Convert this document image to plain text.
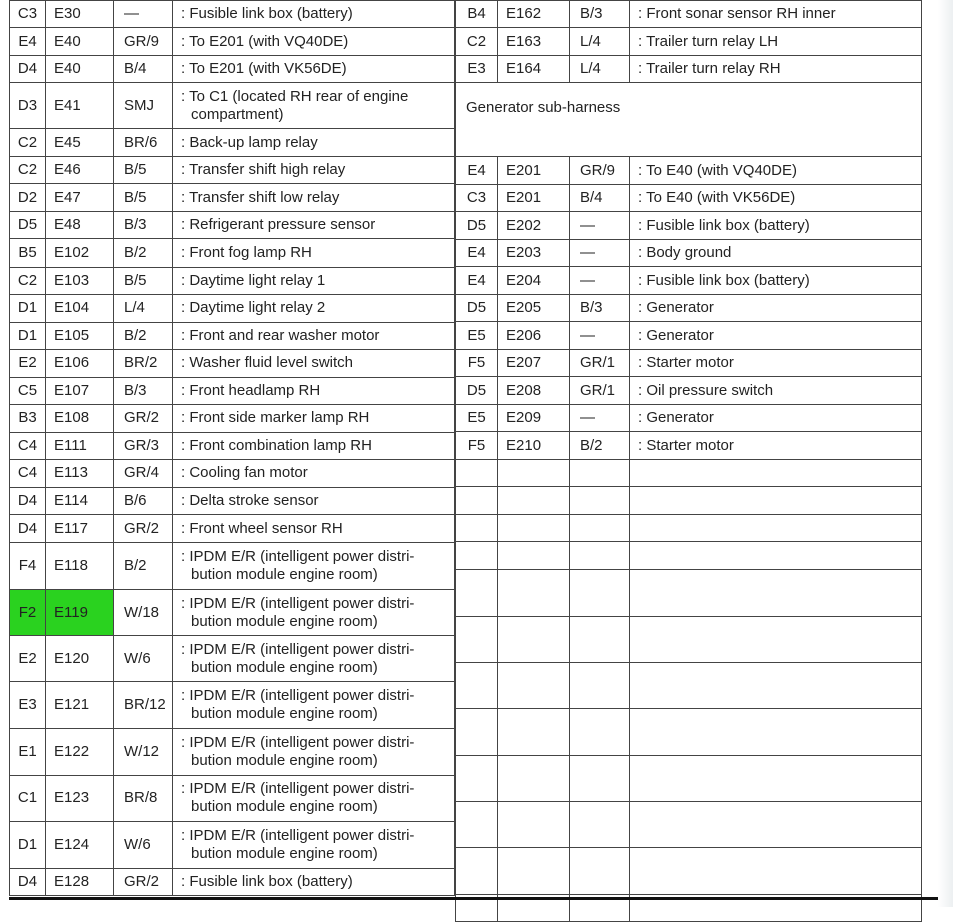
C3	E30	—	: Fusible link box (battery)

E4	E40	GR/9	: To E201 (with VQ40DE)

D4	E40	B/4	: To E201 (with VK56DE)

D3	E41	SMJ	: To C1 (located RH rear of engine
compartment)

C2	E45	BR/6	: Back-up lamp relay

C2	E46	B/5	: Transfer shift high relay

D2	E47	B/5	: Transfer shift low relay

D5	E48	B/3	: Refrigerant pressure sensor

B5	E102	B/2	: Front fog lamp RH

C2	E103	B/5	: Daytime light relay 1

D1	E104	L/4	: Daytime light relay 2

D1	E105	B/2	: Front and rear washer motor

E2	E106	BR/2	: Washer fluid level switch

C5	E107	B/3	: Front headlamp RH

B3	E108	GR/2	: Front side marker lamp RH

C4	E111	GR/3	: Front combination lamp RH

C4	E113	GR/4	: Cooling fan motor

D4	E114	B/6	: Delta stroke sensor

D4	E117	GR/2	: Front wheel sensor RH

F4	E118	B/2	: IPDM E/R (intelligent power distri-
bution module engine room)

F2	E119	W/18	: IPDM E/R (intelligent power distri-
bution module engine room)

E2	E120	W/6	: IPDM E/R (intelligent power distri-
bution module engine room)

E3	E121	BR/12	: IPDM E/R (intelligent power distri-
bution module engine room)

E1	E122	W/12	: IPDM E/R (intelligent power distri-
bution module engine room)

C1	E123	BR/8	: IPDM E/R (intelligent power distri-
bution module engine room)

D1	E124	W/6	: IPDM E/R (intelligent power distri-
bution module engine room)

D4	E128	GR/2	: Fusible link box (battery)
B4	E162	B/3	: Front sonar sensor RH inner
C2	E163	L/4	: Trailer turn relay LH
E3	E164	L/4	: Trailer turn relay RH
Generator sub-harness			
E4	E201	GR/9	: To E40 (with VQ40DE)
C3	E201	B/4	: To E40 (with VK56DE)
D5	E202	—	: Fusible link box (battery)
E4	E203	—	: Body ground
E4	E204	—	: Fusible link box (battery)
D5	E205	B/3	: Generator
E5	E206	—	: Generator
F5	E207	GR/1	: Starter motor
D5	E208	GR/1	: Oil pressure switch
E5	E209	—	: Generator
F5	E210	B/2	: Starter motor
